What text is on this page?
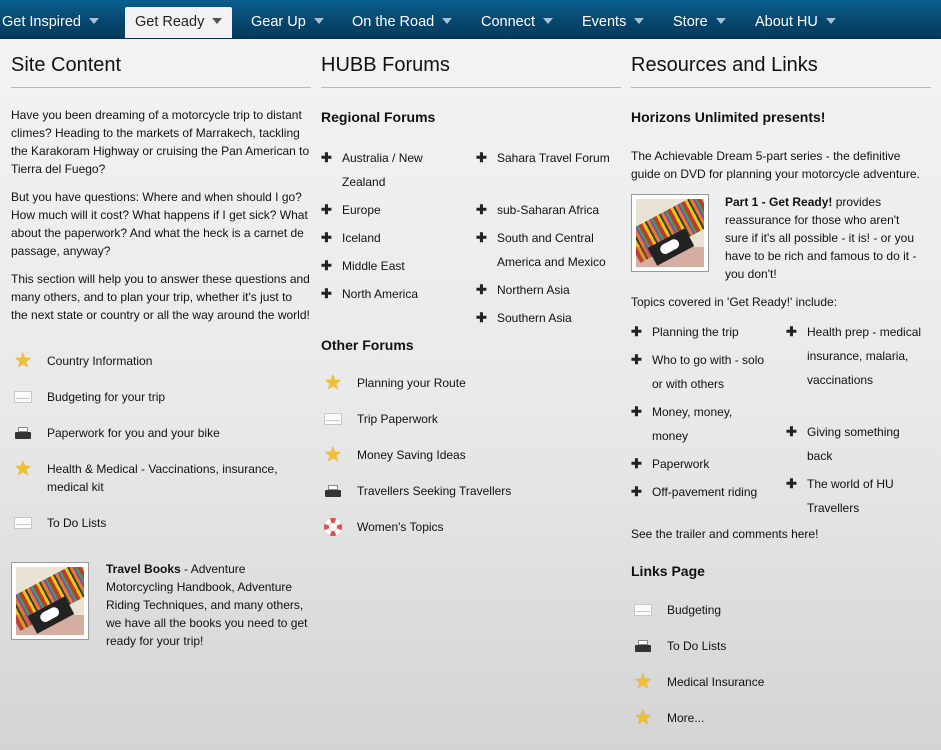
Get Inspired	Get Ready	Gear Up	On the Road	Connect	Events	Store	About HU
Site Content

Have you been dreaming of a motorcycle trip to distant climes? Heading to the markets of Marrakech, tackling the Karakoram Highway or cruising the Pan American to Tierra del Fuego?

But you have questions: Where and when should I go? How much will it cost? What happens if I get sick? What about the paperwork? And what the heck is a carnet de passage, anyway?

This section will help you to answer these questions and many others, and to plan your trip, whether it's just to the next state or country or all the way around the world!

★ Country Information
Budgeting for your trip
Paperwork for you and your bike
★ Health & Medical - Vaccinations, insurance, medical kit
To Do Lists

Travel Books - Adventure Motorcycling Handbook, Adventure Riding Techniques, and many others, we have all the books you need to get ready for your trip!

HUBB Forums
Regional Forums
✚ Australia / New Zealand
✚ Europe
✚ Iceland
✚ Middle East
✚ North America
✚ Sahara Travel Forum
✚ sub-Saharan Africa
✚ South and Central America and Mexico
✚ Northern Asia
✚ Southern Asia
Other Forums
★ Planning your Route
Trip Paperwork
★ Money Saving Ideas
Travellers Seeking Travellers
Women's Topics
Resources and Links
Horizons Unlimited presents!

The Achievable Dream 5-part series - the definitive guide on DVD for planning your motorcycle adventure.

Part 1 - Get Ready! provides reassurance for those who aren't sure if it's all possible - it is! - or you have to be rich and famous to do it - you don't!

Topics covered in 'Get Ready!' include:

✚ Planning the trip
✚ Who to go with - solo or with others
✚ Money, money, money
✚ Paperwork
✚ Off-pavement riding
✚ Health prep - medical insurance, malaria, vaccinations
✚ Giving something back
✚ The world of HU Travellers

See the trailer and comments here!

Links Page
Budgeting
To Do Lists
★ Medical Insurance
★ More...
